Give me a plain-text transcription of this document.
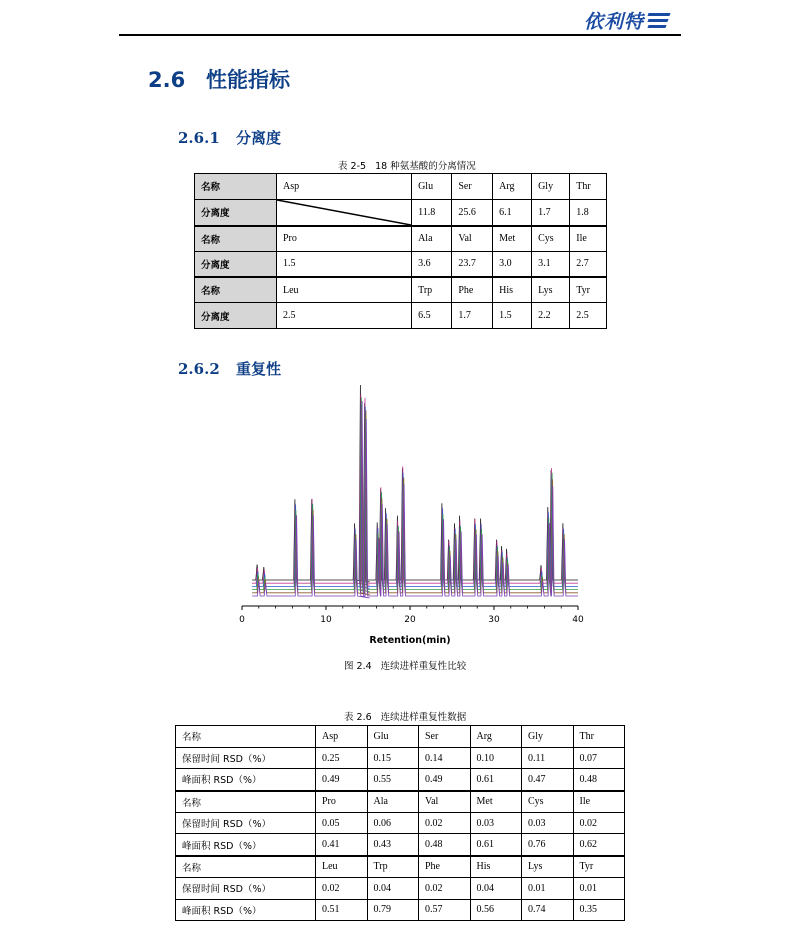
依利特
2.6 性能指标
2.6.1 分离度
表 2-5   18 种氨基酸的分离情况
名称	Asp	Glu	Ser	Arg	Gly	Thr
分离度		11.8	25.6	6.1	1.7	1.8
名称	Pro	Ala	Val	Met	Cys	Ile
分离度	1.5	3.6	23.7	3.0	3.1	2.7
名称	Leu	Trp	Phe	His	Lys	Tyr
分离度	2.5	6.5	1.7	1.5	2.2	2.5
2.6.2 重复性
0	10	20	30	40
Retention(min)
图 2.4   连续进样重复性比较
表 2.6   连续进样重复性数据
名称	Asp	Glu	Ser	Arg	Gly	Thr
保留时间 RSD（%）	0.25	0.15	0.14	0.10	0.11	0.07
峰面积 RSD（%）	0.49	0.55	0.49	0.61	0.47	0.48
名称	Pro	Ala	Val	Met	Cys	Ile
保留时间 RSD（%）	0.05	0.06	0.02	0.03	0.03	0.02
峰面积 RSD（%）	0.41	0.43	0.48	0.61	0.76	0.62
名称	Leu	Trp	Phe	His	Lys	Tyr
保留时间 RSD（%）	0.02	0.04	0.02	0.04	0.01	0.01
峰面积 RSD（%）	0.51	0.79	0.57	0.56	0.74	0.35
